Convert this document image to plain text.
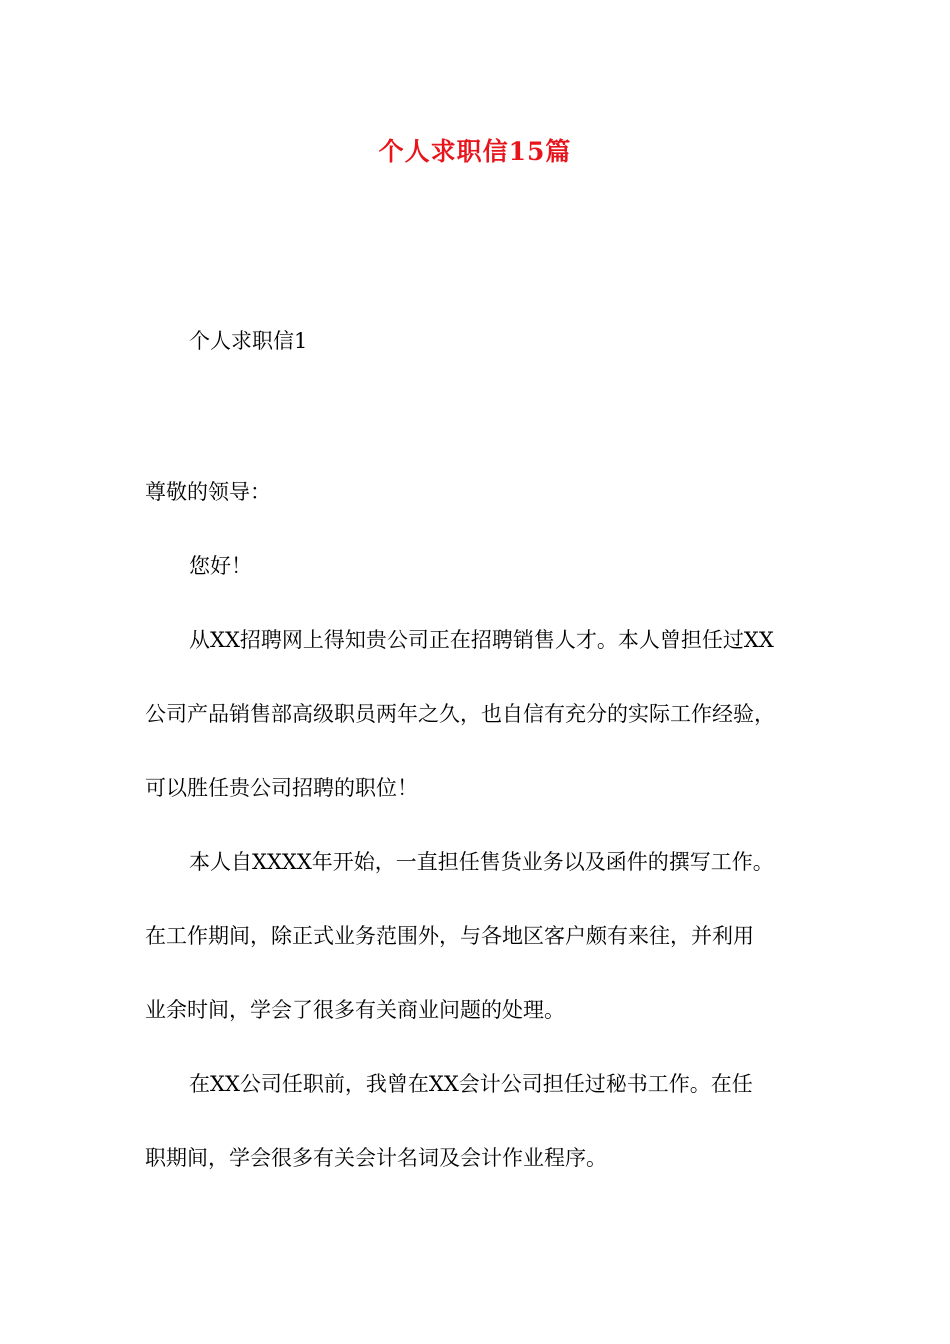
个人求职信15篇
个人求职信1
尊敬的领导：
您好！
从XX招聘网上得知贵公司正在招聘销售人才。本人曾担任过XX
公司产品销售部高级职员两年之久，也自信有充分的实际工作经验，
可以胜任贵公司招聘的职位！
本人自XXXX年开始，一直担任售货业务以及函件的撰写工作。
在工作期间，除正式业务范围外，与各地区客户颇有来往，并利用
业余时间，学会了很多有关商业问题的处理。
在XX公司任职前，我曾在XX会计公司担任过秘书工作。在任
职期间，学会很多有关会计名词及会计作业程序。
